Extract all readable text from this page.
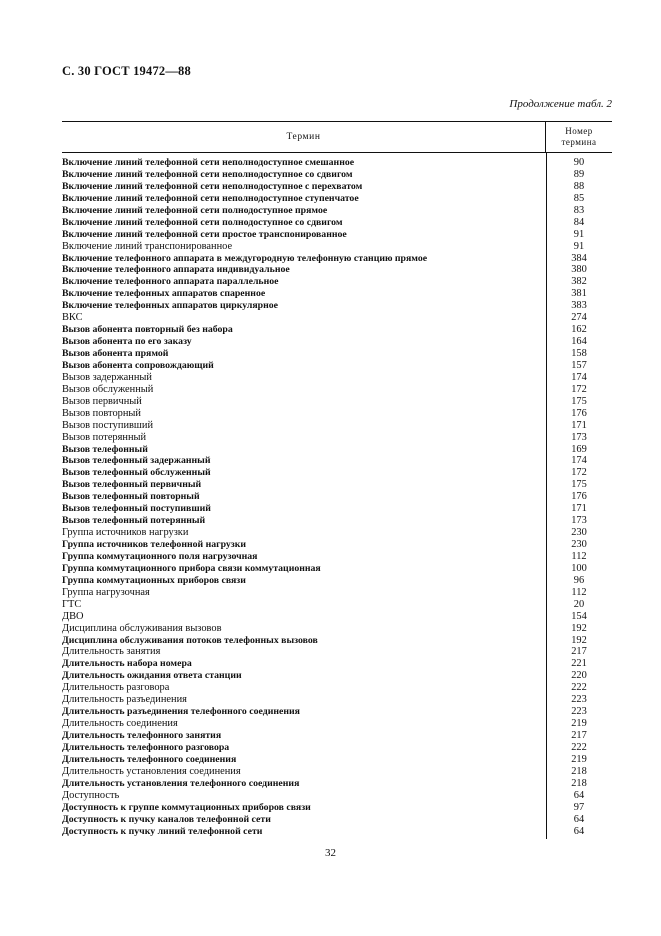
С. 30 ГОСТ 19472—88
Продолжение табл. 2
Термин
Номер
термина
Включение линий телефонной сети неполнодоступное смешанное	90
Включение линий телефонной сети неполнодоступное со сдвигом	89
Включение линий телефонной сети неполнодоступное с перехватом	88
Включение линий телефонной сети неполнодоступное ступенчатое	85
Включение линий телефонной сети полнодоступное прямое	83
Включение линий телефонной сети полнодоступное со сдвигом	84
Включение линий телефонной сети простое транспонированное	91
Включение линий транспонированное	91
Включение телефонного аппарата в междугородную телефонную станцию прямое	384
Включение телефонного аппарата индивидуальное	380
Включение телефонного аппарата параллельное	382
Включение телефонных аппаратов спаренное	381
Включение телефонных аппаратов циркулярное	383
ВКС	274
Вызов абонента повторный без набора	162
Вызов абонента по его заказу	164
Вызов абонента прямой	158
Вызов абонента сопровождающий	157
Вызов задержанный	174
Вызов обслуженный	172
Вызов первичный	175
Вызов повторный	176
Вызов поступивший	171
Вызов потерянный	173
Вызов телефонный	169
Вызов телефонный задержанный	174
Вызов телефонный обслуженный	172
Вызов телефонный первичный	175
Вызов телефонный повторный	176
Вызов телефонный поступивший	171
Вызов телефонный потерянный	173
Группа источников нагрузки	230
Группа источников телефонной нагрузки	230
Группа коммутационного поля нагрузочная	112
Группа коммутационного прибора связи коммутационная	100
Группа коммутационных приборов связи	96
Группа нагрузочная	112
ГТС	20
ДВО	154
Дисциплина обслуживания вызовов	192
Дисциплина обслуживания потоков телефонных вызовов	192
Длительность занятия	217
Длительность набора номера	221
Длительность ожидания ответа станции	220
Длительность разговора	222
Длительность разъединения	223
Длительность разъединения телефонного соединения	223
Длительность соединения	219
Длительность телефонного занятия	217
Длительность телефонного разговора	222
Длительность телефонного соединения	219
Длительность установления соединения	218
Длительность установления телефонного соединения	218
Доступность	64
Доступность к группе коммутационных приборов связи	97
Доступность к пучку каналов телефонной сети	64
Доступность к пучку линий телефонной сети	64
32
